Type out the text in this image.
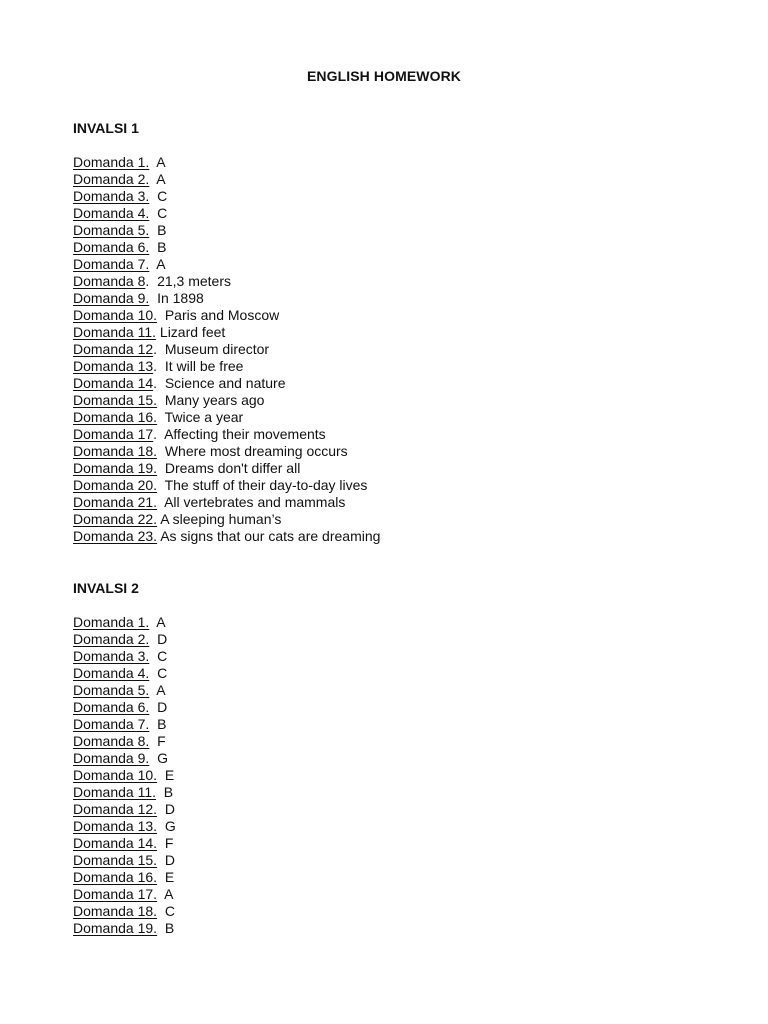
ENGLISH HOMEWORK
INVALSI 1
Domanda 1. A
Domanda 2. A
Domanda 3. C
Domanda 4. C
Domanda 5. B
Domanda 6. B
Domanda 7. A
Domanda 8.  21,3 meters
Domanda 9. In 1898
Domanda 10. Paris and Moscow
Domanda 11. Lizard feet
Domanda 12.  Museum director
Domanda 13.  It will be free
Domanda 14.  Science and nature
Domanda 15. Many years ago
Domanda 16. Twice a year
Domanda 17.  Affecting their movements
Domanda 18. Where most dreaming occurs
Domanda 19. Dreams don't differ all
Domanda 20. The stuff of their day-to-day lives
Domanda 21. All vertebrates and mammals
Domanda 22. A sleeping human’s
Domanda 23. As signs that our cats are dreaming
INVALSI 2
Domanda 1. A
Domanda 2. D
Domanda 3. C
Domanda 4. C
Domanda 5. A
Domanda 6. D
Domanda 7. B
Domanda 8. F
Domanda 9. G
Domanda 10. E
Domanda 11. B
Domanda 12. D
Domanda 13. G
Domanda 14. F
Domanda 15. D
Domanda 16. E
Domanda 17. A
Domanda 18. C
Domanda 19. B
